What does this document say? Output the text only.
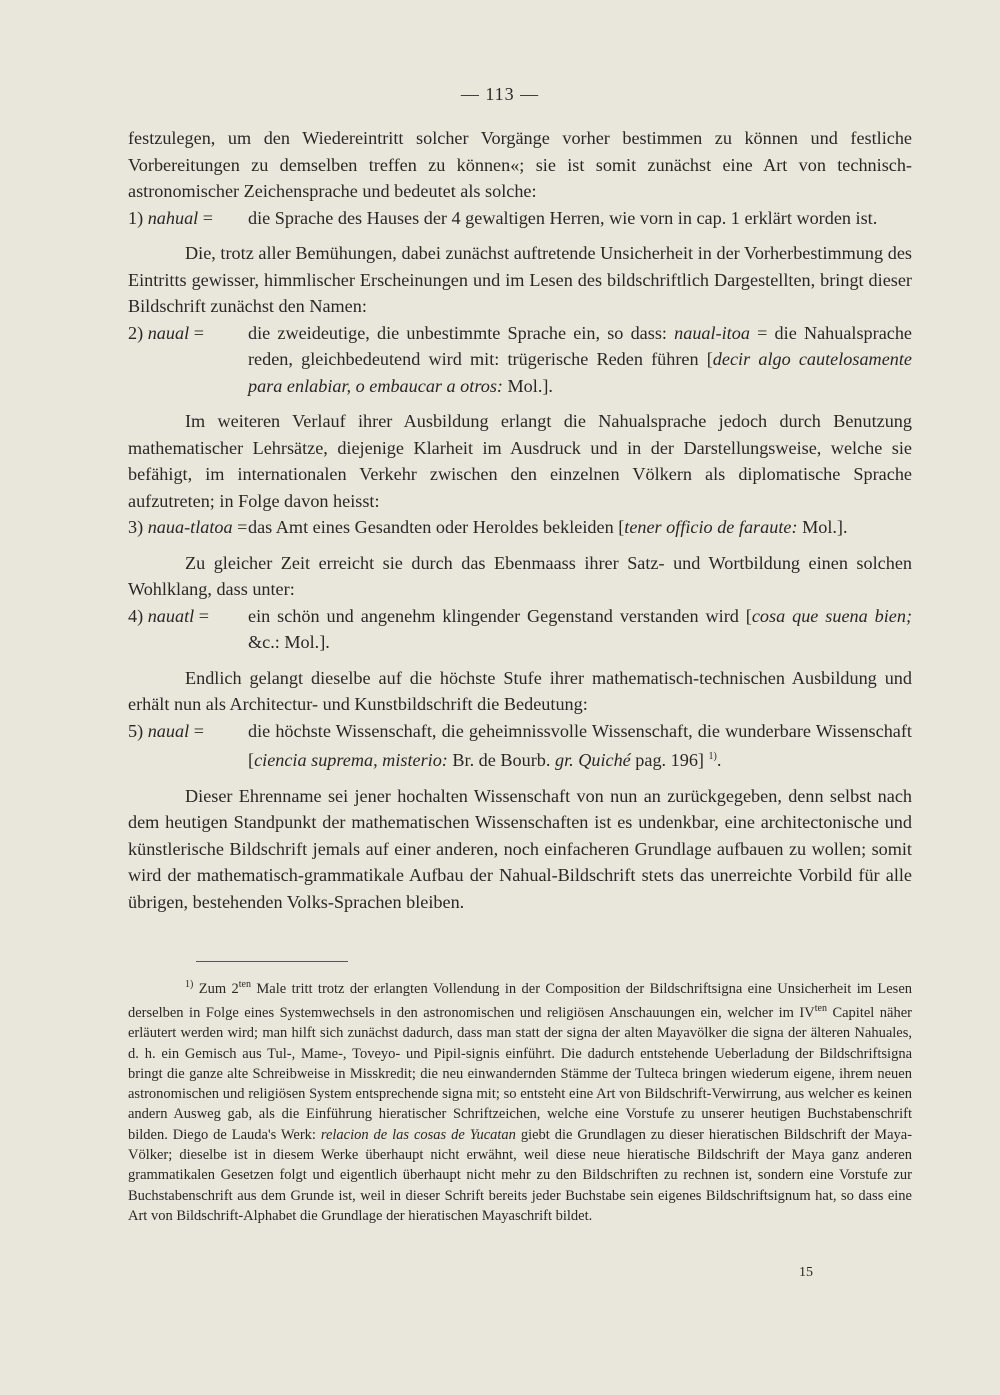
— 113 —

festzulegen, um den Wiedereintritt solcher Vorgänge vorher bestimmen zu können und festliche Vorbereitungen zu demselben treffen zu können«; sie ist somit zunächst eine Art von technisch-astronomischer Zeichensprache und bedeutet als solche:

1) nahual = die Sprache des Hauses der 4 gewaltigen Herren, wie vorn in cap. 1 erklärt worden ist.

Die, trotz aller Bemühungen, dabei zunächst auftretende Unsicherheit in der Vorherbestimmung des Eintritts gewisser, himmlischer Erscheinungen und im Lesen des bildschriftlich Dargestellten, bringt dieser Bildschrift zunächst den Namen:

2) naual = die zweideutige, die unbestimmte Sprache ein, so dass: naual-itoa = die Nahualsprache reden, gleichbedeutend wird mit: trügerische Reden führen [decir algo cautelosamente para enlabiar, o embaucar a otros: Mol.].

Im weiteren Verlauf ihrer Ausbildung erlangt die Nahualsprache jedoch durch Benutzung mathematischer Lehrsätze, diejenige Klarheit im Ausdruck und in der Darstellungsweise, welche sie befähigt, im internationalen Verkehr zwischen den einzelnen Völkern als diplomatische Sprache aufzutreten; in Folge davon heisst:

3) naua-tlatoa = das Amt eines Gesandten oder Heroldes bekleiden [tener officio de faraute: Mol.].

Zu gleicher Zeit erreicht sie durch das Ebenmaass ihrer Satz- und Wortbildung einen solchen Wohlklang, dass unter:

4) nauatl = ein schön und angenehm klingender Gegenstand verstanden wird [cosa que suena bien; &c.: Mol.].

Endlich gelangt dieselbe auf die höchste Stufe ihrer mathematisch-technischen Ausbildung und erhält nun als Architectur- und Kunstbildschrift die Bedeutung:

5) naual = die höchste Wissenschaft, die geheimnissvolle Wissenschaft, die wunderbare Wissenschaft [ciencia suprema, misterio: Br. de Bourb. gr. Quiché pag. 196] $^{1)}$.

Dieser Ehrenname sei jener hochalten Wissenschaft von nun an zurückgegeben, denn selbst nach dem heutigen Standpunkt der mathematischen Wissenschaften ist es undenkbar, eine architectonische und künstlerische Bildschrift jemals auf einer anderen, noch einfacheren Grundlage aufbauen zu wollen; somit wird der mathematisch-grammatikale Aufbau der Nahual-Bildschrift stets das unerreichte Vorbild für alle übrigen, bestehenden Volks-Sprachen bleiben.

$^{1)}$ Zum $2^{ten}$ Male tritt trotz der erlangten Vollendung in der Composition der Bildschriftsigna eine Unsicherheit im Lesen derselben in Folge eines Systemwechsels in den astronomischen und religiösen Anschauungen ein, welcher im $IV^{ten}$ Capitel näher erläutert werden wird; man hilft sich zunächst dadurch, dass man statt der signa der alten Mayavölker die signa der älteren Nahuales, d. h. ein Gemisch aus Tul-, Mame-, Toveyo- und Pipil-signis einführt. Die dadurch entstehende Ueberladung der Bildschriftsigna bringt die ganze alte Schreibweise in Misskredit; die neu einwandernden Stämme der Tulteca bringen wiederum eigene, ihrem neuen astronomischen und religiösen System entsprechende signa mit; so entsteht eine Art von Bildschrift-Verwirrung, aus welcher es keinen andern Ausweg gab, als die Einführung hieratischer Schriftzeichen, welche eine Vorstufe zu unserer heutigen Buchstabenschrift bilden. Diego de Lauda's Werk: relacion de las cosas de Yucatan giebt die Grundlagen zu dieser hieratischen Bildschrift der Maya-Völker; dieselbe ist in diesem Werke überhaupt nicht erwähnt, weil diese neue hieratische Bildschrift der Maya ganz anderen grammatikalen Gesetzen folgt und eigentlich überhaupt nicht mehr zu den Bildschriften zu rechnen ist, sondern eine Vorstufe zur Buchstabenschrift aus dem Grunde ist, weil in dieser Schrift bereits jeder Buchstabe sein eigenes Bildschriftsignum hat, so dass eine Art von Bildschrift-Alphabet die Grundlage der hieratischen Mayaschrift bildet.

15
